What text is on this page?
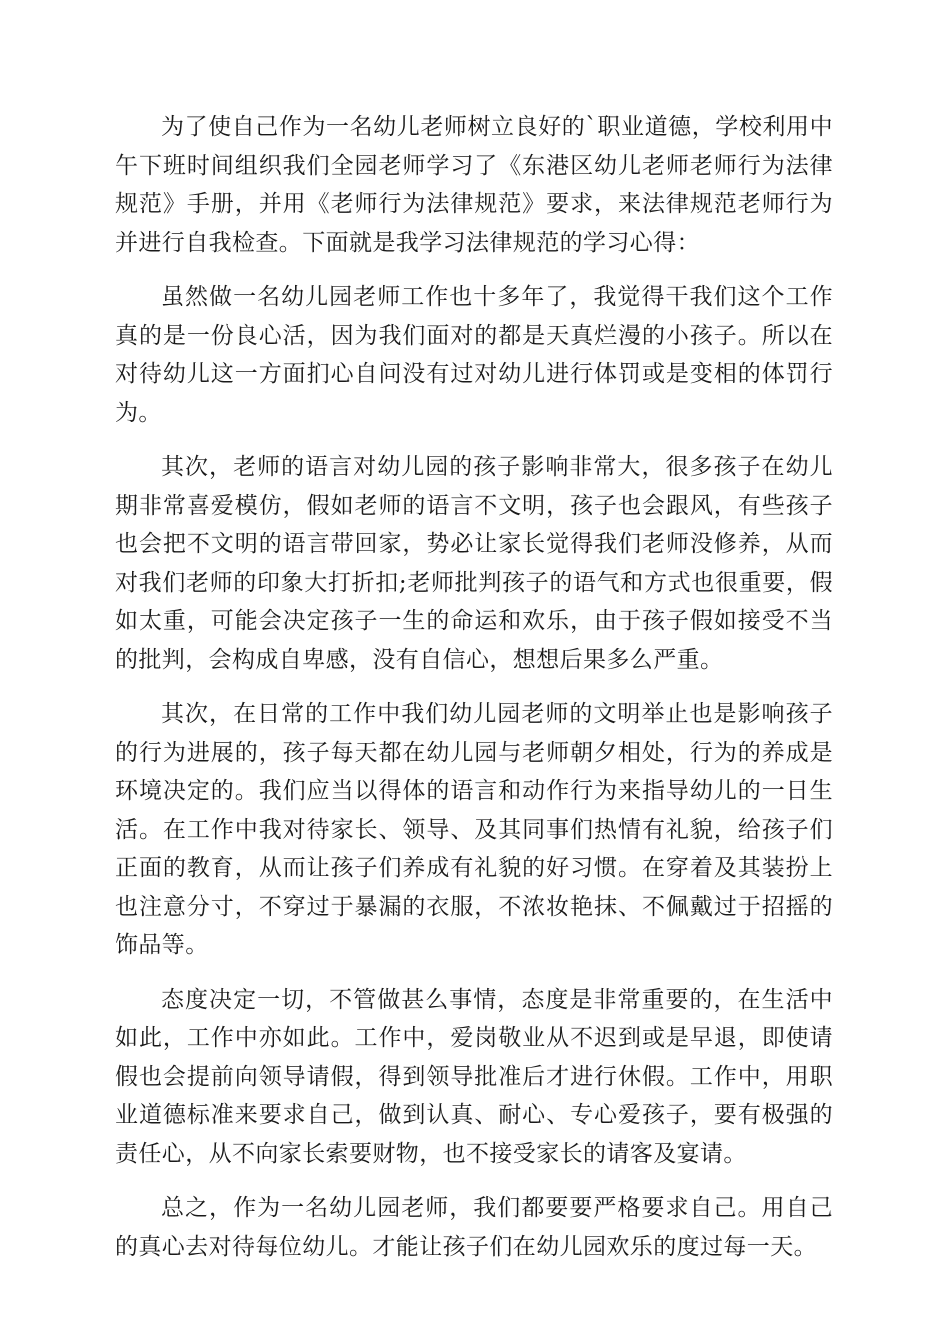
为了使自己作为一名幼儿老师树立良好的`职业道德，学校利用中午下班时间组织我们全园老师学习了《东港区幼儿老师老师行为法律规范》手册，并用《老师行为法律规范》要求，来法律规范老师行为并进行自我检查。下面就是我学习法律规范的学习心得：

虽然做一名幼儿园老师工作也十多年了，我觉得干我们这个工作真的是一份良心活，因为我们面对的都是天真烂漫的小孩子。所以在对待幼儿这一方面扪心自问没有过对幼儿进行体罚或是变相的体罚行为。

其次，老师的语言对幼儿园的孩子影响非常大，很多孩子在幼儿期非常喜爱模仿，假如老师的语言不文明，孩子也会跟风，有些孩子也会把不文明的语言带回家，势必让家长觉得我们老师没修养，从而对我们老师的印象大打折扣;老师批判孩子的语气和方式也很重要，假如太重，可能会决定孩子一生的命运和欢乐，由于孩子假如接受不当的批判，会构成自卑感，没有自信心，想想后果多么严重。

其次，在日常的工作中我们幼儿园老师的文明举止也是影响孩子的行为进展的，孩子每天都在幼儿园与老师朝夕相处，行为的养成是环境决定的。我们应当以得体的语言和动作行为来指导幼儿的一日生活。在工作中我对待家长、领导、及其同事们热情有礼貌，给孩子们正面的教育，从而让孩子们养成有礼貌的好习惯。在穿着及其装扮上也注意分寸，不穿过于暴漏的衣服，不浓妆艳抹、不佩戴过于招摇的饰品等。

态度决定一切，不管做甚么事情，态度是非常重要的，在生活中如此，工作中亦如此。工作中，爱岗敬业从不迟到或是早退，即使请假也会提前向领导请假，得到领导批准后才进行休假。工作中，用职业道德标准来要求自己，做到认真、耐心、专心爱孩子，要有极强的责任心，从不向家长索要财物，也不接受家长的请客及宴请。

总之，作为一名幼儿园老师，我们都要要严格要求自己。用自己的真心去对待每位幼儿。才能让孩子们在幼儿园欢乐的度过每一天。
